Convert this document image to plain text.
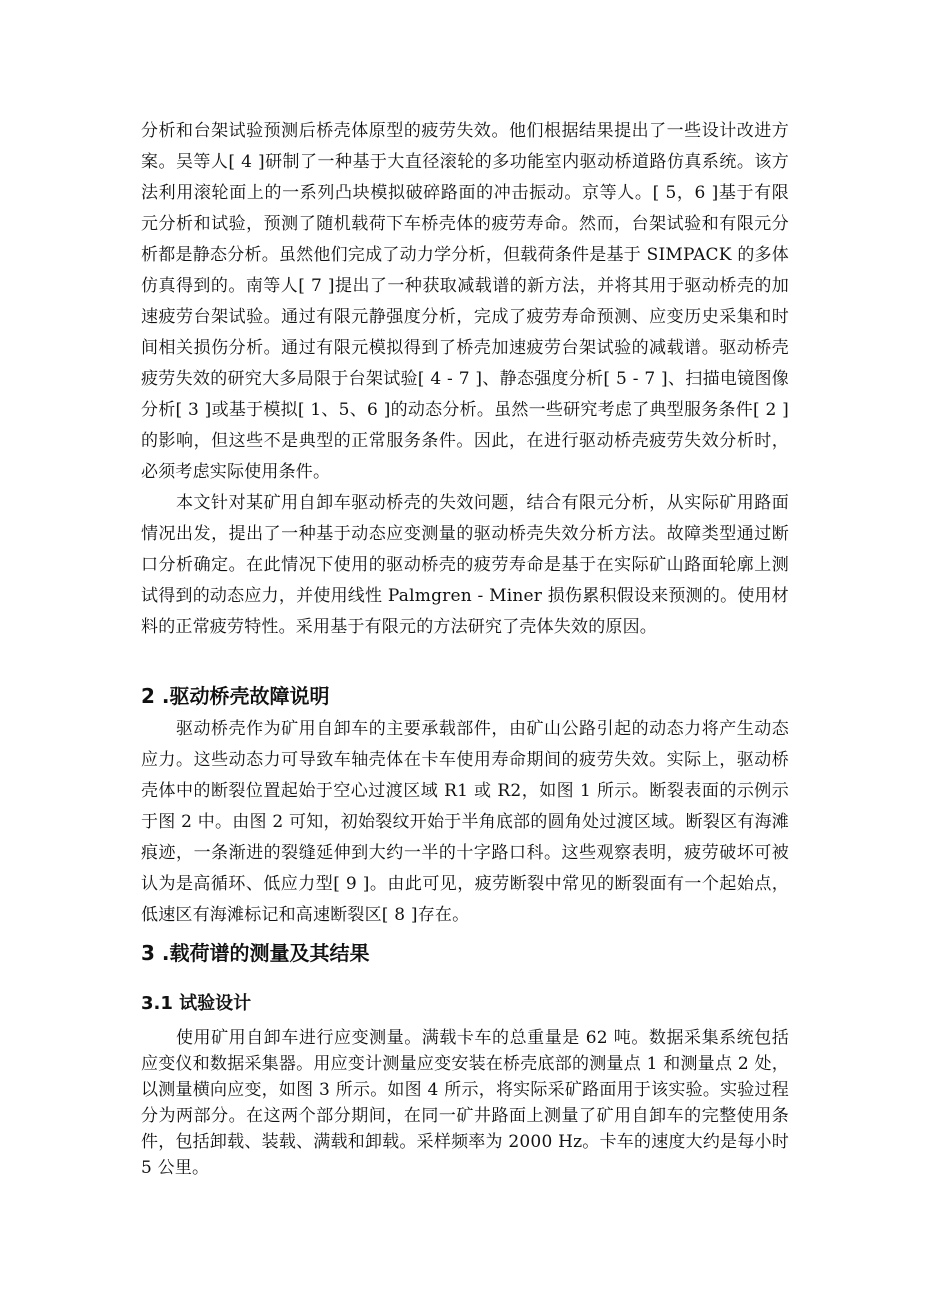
分析和台架试验预测后桥壳体原型的疲劳失效。他们根据结果提出了一些设计改进方案。吴等人[ 4 ]研制了一种基于大直径滚轮的多功能室内驱动桥道路仿真系统。该方法利用滚轮面上的一系列凸块模拟破碎路面的冲击振动。京等人。[ 5，6 ]基于有限元分析和试验，预测了随机载荷下车桥壳体的疲劳寿命。然而，台架试验和有限元分析都是静态分析。虽然他们完成了动力学分析，但载荷条件是基于 SIMPACK 的多体仿真得到的。南等人[ 7 ]提出了一种获取减载谱的新方法，并将其用于驱动桥壳的加速疲劳台架试验。通过有限元静强度分析，完成了疲劳寿命预测、应变历史采集和时间相关损伤分析。通过有限元模拟得到了桥壳加速疲劳台架试验的减载谱。驱动桥壳疲劳失效的研究大多局限于台架试验[ 4 - 7 ]、静态强度分析[ 5 - 7 ]、扫描电镜图像分析[ 3 ]或基于模拟[ 1、5、6 ]的动态分析。虽然一些研究考虑了典型服务条件[ 2 ]的影响，但这些不是典型的正常服务条件。因此，在进行驱动桥壳疲劳失效分析时，必须考虑实际使用条件。

本文针对某矿用自卸车驱动桥壳的失效问题，结合有限元分析，从实际矿用路面情况出发，提出了一种基于动态应变测量的驱动桥壳失效分析方法。故障类型通过断口分析确定。在此情况下使用的驱动桥壳的疲劳寿命是基于在实际矿山路面轮廓上测试得到的动态应力，并使用线性 Palmgren - Miner 损伤累积假设来预测的。使用材料的正常疲劳特性。采用基于有限元的方法研究了壳体失效的原因。

2 .驱动桥壳故障说明

驱动桥壳作为矿用自卸车的主要承载部件，由矿山公路引起的动态力将产生动态应力。这些动态力可导致车轴壳体在卡车使用寿命期间的疲劳失效。实际上，驱动桥壳体中的断裂位置起始于空心过渡区域 R1 或 R2，如图 1 所示。断裂表面的示例示于图 2 中。由图 2 可知，初始裂纹开始于半角底部的圆角处过渡区域。断裂区有海滩痕迹，一条渐进的裂缝延伸到大约一半的十字路口科。这些观察表明，疲劳破坏可被认为是高循环、低应力型[ 9 ]。由此可见，疲劳断裂中常见的断裂面有一个起始点，低速区有海滩标记和高速断裂区[ 8 ]存在。

3 .载荷谱的测量及其结果
3.1 试验设计

使用矿用自卸车进行应变测量。满载卡车的总重量是 62 吨。数据采集系统包括应变仪和数据采集器。用应变计测量应变安装在桥壳底部的测量点 1 和测量点 2 处，以测量横向应变，如图 3 所示。如图 4 所示，将实际采矿路面用于该实验。实验过程分为两部分。在这两个部分期间，在同一矿井路面上测量了矿用自卸车的完整使用条件，包括卸载、装载、满载和卸载。采样频率为 2000 Hz。卡车的速度大约是每小时 5 公里。
